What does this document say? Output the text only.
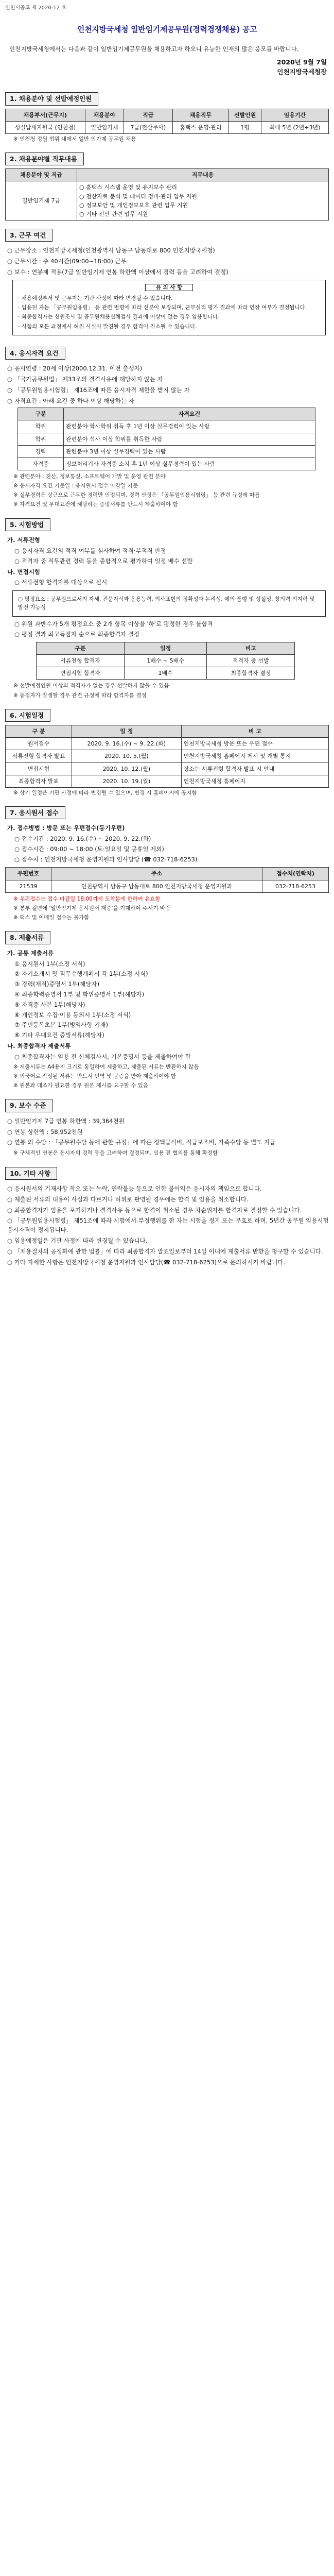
인천시공고 제 2020-12 호
인천지방국세청 일반임기제공무원(경력경쟁채용) 공고

인천지방국세청에서는 다음과 같이 일반임기제공무원을 채용하고자 하오니 유능한 인재의 많은 응모를 바랍니다.

2020년 9월 7일
인천지방국세청장
1. 채용분야 및 선발예정인원
채용부서(근무지)	채용분야	직급	채용직무	선발인원	임용기간
성실납세지원국 (인천청)	일반임기제	7급(전산주사)	홈택스 운영·관리	1명	최대 5년 (2년+3년)
※ 인천청 정원 범위 내에서 일반 임기제 공무원 채용
2. 채용분야별 직무내용
채용분야 및 직급	직무내용
일반임기제 7급	○ 홈택스 시스템 운영 및 유지보수 관리
○ 전산자료 분석 및 데이터 정비·관리 업무 지원
○ 정보보안 및 개인정보보호 관련 업무 지원
○ 기타 전산 관련 업무 지원
3. 근무 여건
○ 근무장소 : 인천지방국세청(인천광역시 남동구 남동대로 800 인천지방국세청)
○ 근무시간 : 주 40시간(09:00~18:00) 근무
○ 보수 : 연봉제 적용(7급 일반임기제 연봉 하한액 이상에서 경력 등을 고려하여 결정)
유 의 사 항

· 채용예정부서 및 근무지는 기관 사정에 따라 변경될 수 있습니다.

· 임용된 자는 「공무원임용령」 등 관련 법령에 따라 신분이 보장되며, 근무실적 평가 결과에 따라 연장 여부가 결정됩니다.

· 최종합격자는 신원조사 및 공무원채용신체검사 결과에 이상이 없는 경우 임용합니다.

· 시험의 모든 과정에서 허위 사실이 발견될 경우 합격이 취소될 수 있습니다.

4. 응시자격 요건
○ 응시연령 : 20세 이상(2000.12.31. 이전 출생자)
○ 「국가공무원법」 제33조의 결격사유에 해당하지 않는 자
○ 「공무원임용시험령」 제16조에 따른 응시자격 제한을 받지 않는 자
○ 자격요건 : 아래 요건 중 하나 이상 해당하는 자
구분	자격요건
학위	관련분야 학사학위 취득 후 1년 이상 실무경력이 있는 사람
학위	관련분야 석사 이상 학위를 취득한 사람
경력	관련분야 3년 이상 실무경력이 있는 사람
자격증	정보처리기사 자격증 소지 후 1년 이상 실무경력이 있는 사람
※ 관련분야 : 전산, 정보통신, 소프트웨어 개발 및 운영 관련 분야
※ 응시자격 요건 기준일 : 응시원서 접수 마감일 기준
※ 실무경력은 상근으로 근무한 경력만 인정되며, 경력 산정은 「공무원임용시험령」 등 관련 규정에 따름
※ 자격요건 및 우대요건에 해당하는 증빙서류를 반드시 제출하여야 함
5. 시험방법
가. 서류전형
○ 응시자격 요건의 적격 여부를 심사하여 적격·부적격 판정
○ 적격자 중 직무관련 경력 등을 종합적으로 평가하여 일정 배수 선발
나. 면접시험
○ 서류전형 합격자를 대상으로 실시

○ 평정요소 : 공무원으로서의 자세, 전문지식과 응용능력, 의사표현의 정확성과 논리성, 예의·품행 및 성실성, 창의력·의지력 및 발전 가능성

○ 위원 과반수가 5개 평정요소 중 2개 항목 이상을 '하'로 평정한 경우 불합격
○ 평정 결과 최고득점자 순으로 최종합격자 결정
구분	일정	비고
서류전형 합격자	1배수 ~ 5배수	적격자 중 선발
면접시험 합격자	1배수	최종합격자 결정
※ 선발예정인원 이상의 적격자가 없는 경우 선발하지 않을 수 있음
※ 동점자가 발생할 경우 관련 규정에 따라 합격자를 결정
6. 시험일정
구 분	일 정	비 고
원서접수	2020. 9. 16.(수) ~ 9. 22.(화)	인천지방국세청 방문 또는 우편 접수
서류전형 합격자 발표	2020. 10. 5.(월)	인천지방국세청 홈페이지 게시 및 개별 통지
면접시험	2020. 10. 12.(월)	장소는 서류전형 합격자 발표 시 안내
최종합격자 발표	2020. 10. 19.(월)	인천지방국세청 홈페이지
※ 상기 일정은 기관 사정에 따라 변경될 수 있으며, 변경 시 홈페이지에 공지함
7. 응시원서 접수
가. 접수방법 : 방문 또는 우편접수(등기우편)
○ 접수기간 : 2020. 9. 16.(수) ~ 2020. 9. 22.(화)
○ 접수시간 : 09:00 ~ 18:00 (토·일요일 및 공휴일 제외)
○ 접수처 : 인천지방국세청 운영지원과 인사담당 (☎ 032-718-6253)
우편번호	주소	접수처(연락처)
21539	인천광역시 남동구 남동대로 800 인천지방국세청 운영지원과	032-718-6253
※ 우편접수는 접수 마감일 18:00까지 도착분에 한하여 유효함
※ 봉투 겉면에 '일반임기제 응시원서 재중'을 기재하여 주시기 바람
※ 팩스 및 이메일 접수는 불가함
8. 제출서류
가. 공통 제출서류
① 응시원서 1부(소정 서식)
② 자기소개서 및 직무수행계획서 각 1부(소정 서식)
③ 경력(재직)증명서 1부(해당자)
④ 최종학력증명서 1부 및 학위증명서 1부(해당자)
⑤ 자격증 사본 1부(해당자)
⑥ 개인정보 수집·이용 동의서 1부(소정 서식)
⑦ 주민등록초본 1부(병역사항 기재)
⑧ 기타 우대요건 증빙서류(해당자)
나. 최종합격자 제출서류
○ 최종합격자는 임용 전 신체검사서, 기본증명서 등을 제출하여야 함
※ 제출서류는 A4용지 크기로 통일하여 제출하고, 제출된 서류는 반환하지 않음
※ 외국어로 작성된 서류는 반드시 번역 및 공증을 받아 제출하여야 함
※ 원본과 대조가 필요한 경우 원본 제시를 요구할 수 있음
9. 보수 수준
○ 일반임기제 7급 연봉 하한액 : 39,364천원
○ 연봉 상한액 : 58,952천원
○ 연봉 외 수당 : 「공무원수당 등에 관한 규정」에 따른 정액급식비, 직급보조비, 가족수당 등 별도 지급
※ 구체적인 연봉은 응시자의 경력 등을 고려하여 결정되며, 임용 전 협의를 통해 확정함
10. 기타 사항
○ 응시원서의 기재사항 착오 또는 누락, 연락불능 등으로 인한 불이익은 응시자의 책임으로 합니다.
○ 제출된 서류의 내용이 사실과 다르거나 허위로 판명될 경우에는 합격 및 임용을 취소합니다.
○ 최종합격자가 임용을 포기하거나 결격사유 등으로 합격이 취소된 경우 차순위자를 합격자로 결정할 수 있습니다.
○ 「공무원임용시험령」 제51조에 따라 시험에서 부정행위를 한 자는 시험을 정지 또는 무효로 하며, 5년간 공무원 임용시험 응시자격이 정지됩니다.
○ 임용예정일은 기관 사정에 따라 변경될 수 있습니다.
○ 「채용절차의 공정화에 관한 법률」에 따라 최종합격자 발표일로부터 14일 이내에 제출서류 반환을 청구할 수 있습니다.
○ 기타 자세한 사항은 인천지방국세청 운영지원과 인사담당(☎ 032-718-6253)으로 문의하시기 바랍니다.
